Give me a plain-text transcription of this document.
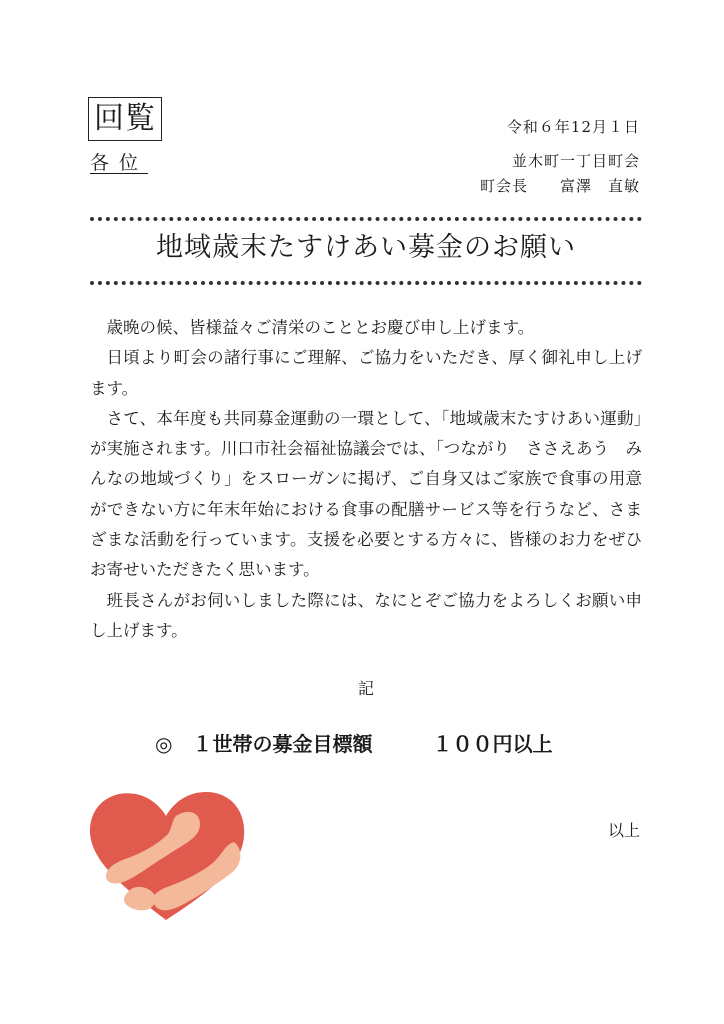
回覧
各位
令和６年12月１日
並木町一丁目町会
町会長　　 富澤　直敏
地域歳末たすけあい募金のお願い

歳晩の候、皆様益々ご清栄のこととお慶び申し上げます。

日頃より町会の諸行事にご理解、ご協力をいただき、厚く御礼申し上げます。

さて、本年度も共同募金運動の一環として、「地域歳末たすけあい運動」が実施されます。川口市社会福祉協議会では、「つながり　ささえあう　みんなの地域づくり」をスローガンに掲げ、ご自身又はご家族で食事の用意ができない方に年末年始における食事の配膳サービス等を行うなど、さまざまな活動を行っています。支援を必要とする方々に、皆様のお力をぜひお寄せいただきたく思います。

班長さんがお伺いしました際には、なにとぞご協力をよろしくお願い申し上げます。

記
◎　 １世帯の募金目標額　　　	１００円以上
以上
